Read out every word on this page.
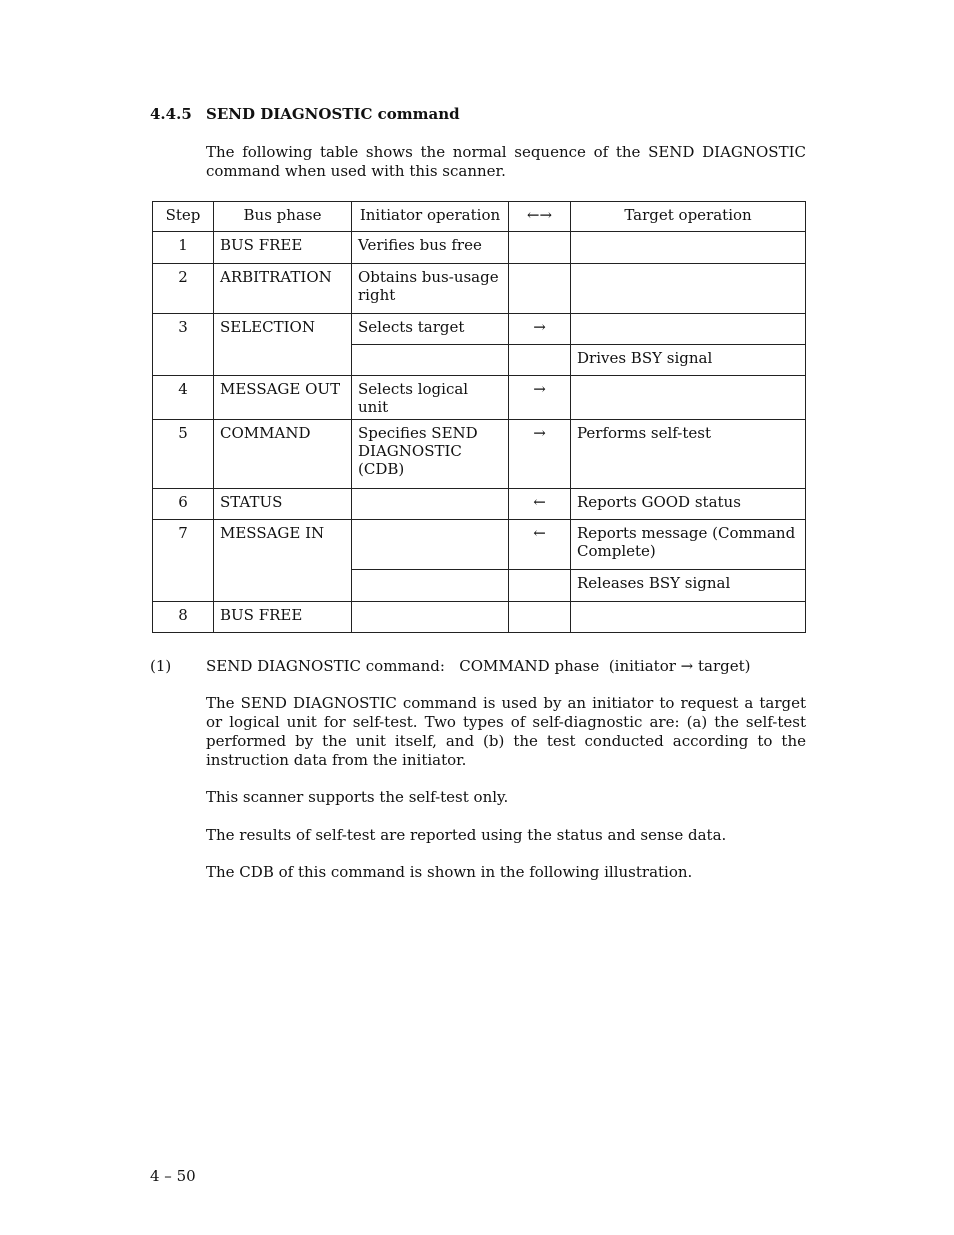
4.4.5 SEND DIAGNOSTIC command
The following table shows the normal sequence of the SEND DIAGNOSTIC command when used with this scanner.
Step	Bus phase	Initiator operation	←→	Target operation
1	BUS FREE	Verifies bus free		
2	ARBITRATION	Obtains bus-usage right		
3	SELECTION	Selects target	→	
				Drives BSY signal
4	MESSAGE OUT	Selects logical unit	→	
5	COMMAND	Specifies SEND DIAGNOSTIC (CDB)	→	Performs self-test
6	STATUS		←	Reports GOOD status
7	MESSAGE IN		←	Reports message (Command Complete)
				Releases BSY signal
8	BUS FREE			
(1) SEND DIAGNOSTIC command:   COMMAND phase  (initiator → target)
The SEND DIAGNOSTIC command is used by an initiator to request a target or logical unit for self-test. Two types of self-diagnostic are: (a) the self-test performed by the unit itself, and (b) the test conducted according to the instruction data from the initiator.
This scanner supports the self-test only.
The results of self-test are reported using the status and sense data.
The CDB of this command is shown in the following illustration.
4 – 50
